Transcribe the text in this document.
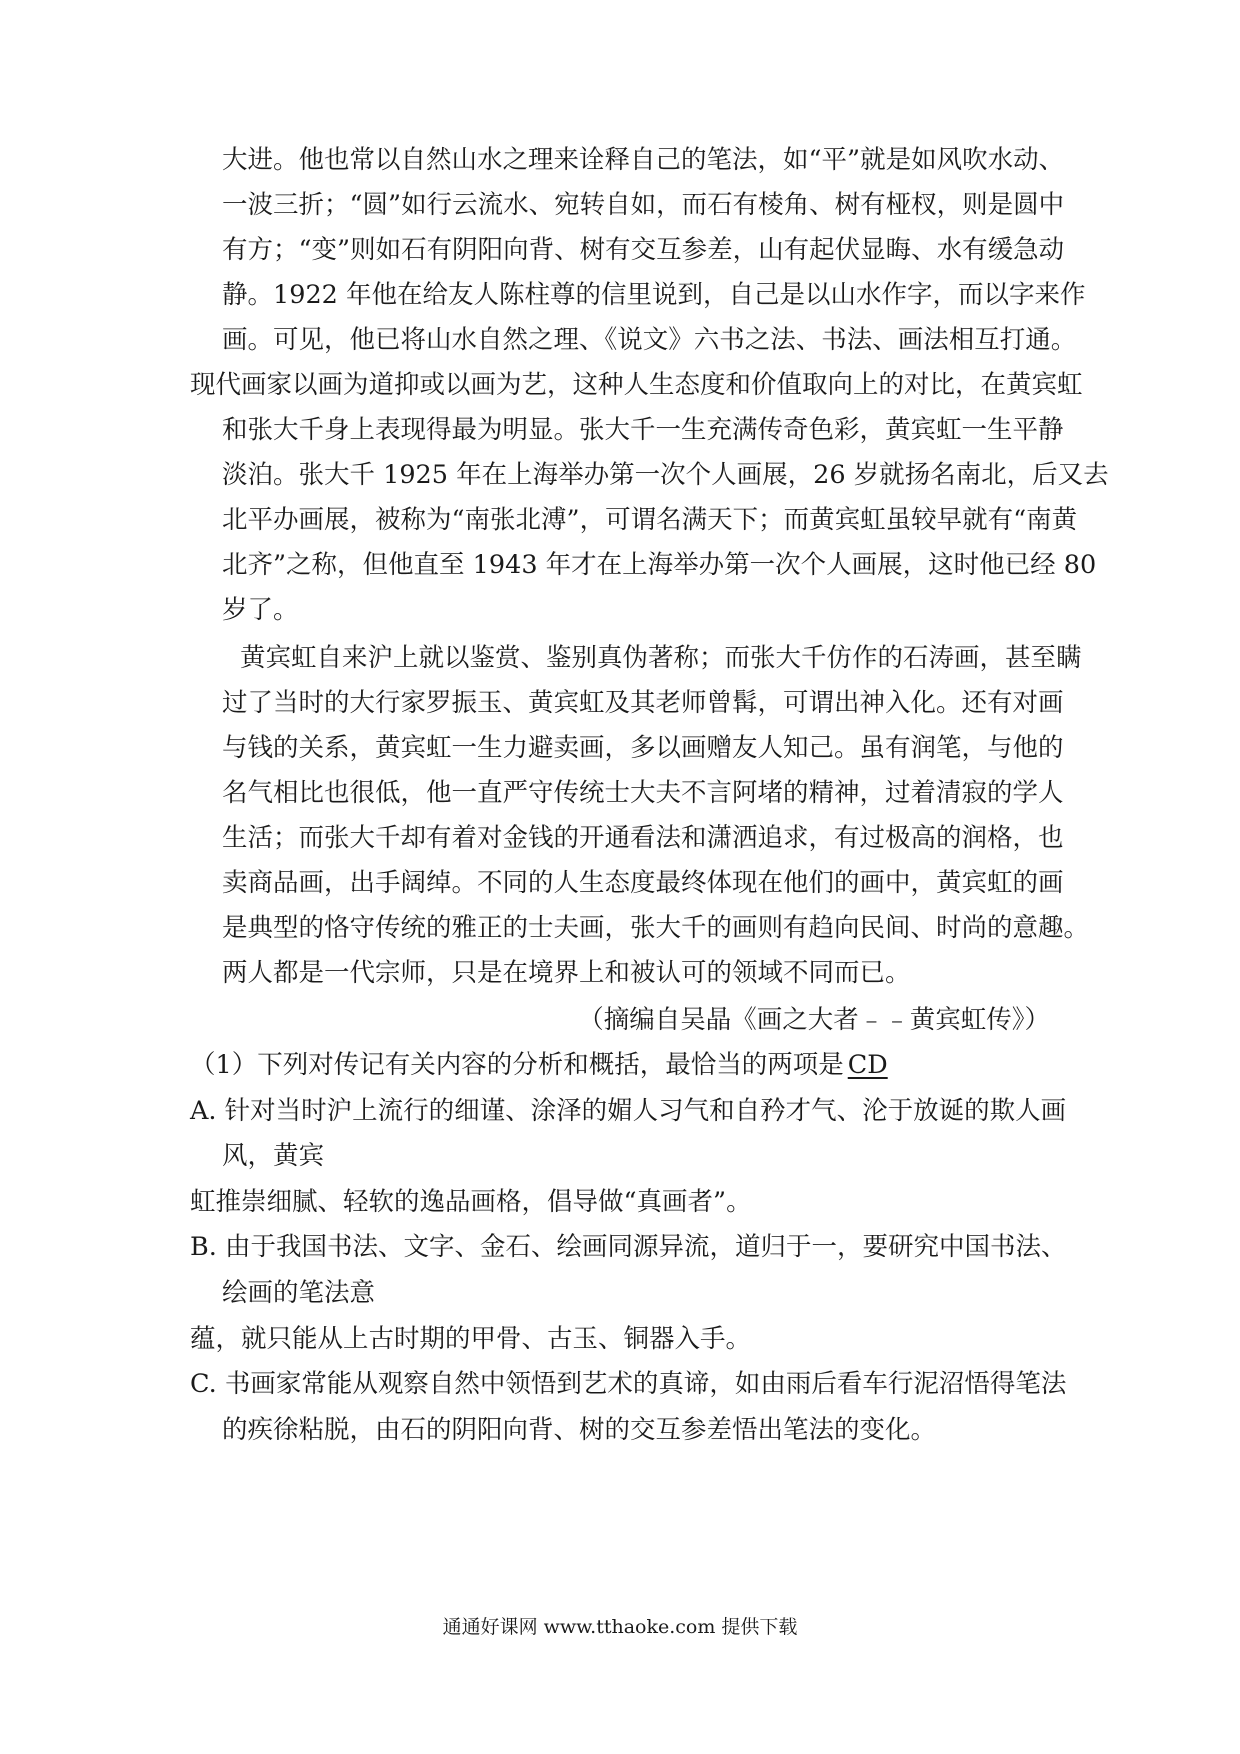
大进。他也常以自然山水之理来诠释自己的笔法，如“平”就是如风吹水动、
一波三折；“圆”如行云流水、宛转自如，而石有棱角、树有桠杈，则是圆中
有方；“变”则如石有阴阳向背、树有交互参差，山有起伏显晦、水有缓急动
静。1922 年他在给友人陈柱尊的信里说到，自己是以山水作字，而以字来作
画。可见，他已将山水自然之理、《说文》六书之法、书法、画法相互打通。
现代画家以画为道抑或以画为艺，这种人生态度和价值取向上的对比，在黄宾虹
和张大千身上表现得最为明显。张大千一生充满传奇色彩，黄宾虹一生平静
淡泊。张大千 1925 年在上海举办第一次个人画展，26 岁就扬名南北，后又去
北平办画展，被称为“南张北溥”，可谓名满天下；而黄宾虹虽较早就有“南黄
北齐”之称，但他直至 1943 年才在上海举办第一次个人画展，这时他已经 80
岁了。
黄宾虹自来沪上就以鉴赏、鉴别真伪著称；而张大千仿作的石涛画，甚至瞒
过了当时的大行家罗振玉、黄宾虹及其老师曾髯，可谓出神入化。还有对画
与钱的关系，黄宾虹一生力避卖画，多以画赠友人知己。虽有润笔，与他的
名气相比也很低，他一直严守传统士大夫不言阿堵的精神，过着清寂的学人
生活；而张大千却有着对金钱的开通看法和潇洒追求，有过极高的润格，也
卖商品画，出手阔绰。不同的人生态度最终体现在他们的画中，黄宾虹的画
是典型的恪守传统的雅正的士夫画，张大千的画则有趋向民间、时尚的意趣。
两人都是一代宗师，只是在境界上和被认可的领域不同而已。
（摘编自吴晶《画之大者﹣﹣黄宾虹传》）
（1）下列对传记有关内容的分析和概括，最恰当的两项是 CD
A. 针对当时沪上流行的细谨、涂泽的媚人习气和自矜才气、沦于放诞的欺人画
风，黄宾
虹推崇细腻、轻软的逸品画格，倡导做“真画者”。
B. 由于我国书法、文字、金石、绘画同源异流，道归于一，要研究中国书法、
绘画的笔法意
蕴，就只能从上古时期的甲骨、古玉、铜器入手。
C. 书画家常能从观察自然中领悟到艺术的真谛，如由雨后看车行泥沼悟得笔法
的疾徐粘脱，由石的阴阳向背、树的交互参差悟出笔法的变化。
通通好课网 www.tthaoke.com 提供下载
